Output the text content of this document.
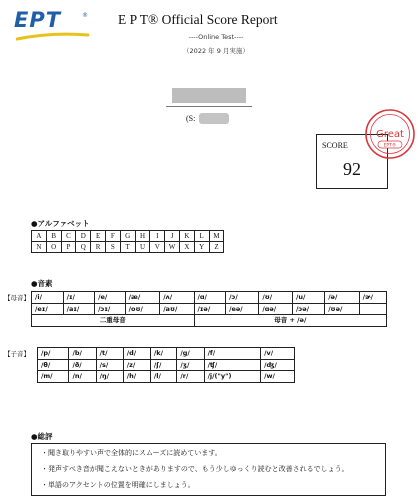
EPT	® E P T® Official Score Report
----Online Test----
（2022 年 9 月実施）
(S:
SCORE
92
Great
EPT®
●アルファベット
A	B	C	D	E	F	G	H	I	J	K	L	M
N	O	P	Q	R	S	T	U	V	W	X	Y	Z
●音素
【母音】 /i/	/ɪ/	/e/	/æ/	/ʌ/	/ɑ/	/ɔ/	/ʊ/	/u/	/ə/	/ɚ/
/eɪ/	/aɪ/	/ɔɪ/	/oʊ/	/aʊ/	/ɪə/	/eə/	/ɑə/	/ɔə/	/ʊə/	
二重母音					母音 + /ə/					
【子音】 /p/	/b/	/t/	/d/	/k/	/g/	/f/	/v/
/θ/	/ð/	/s/	/z/	/ʃ/	/ʒ/	/ʧ/	/ʤ/
/m/	/n/	/ŋ/	/h/	/l/	/r/	/j/("y")	/w/
●総評
・聞き取りやすい声で全体的にスムーズに読めています。
・発声すべき音が聞こえないときがありますので、もう少しゆっくり読むと改善されるでしょう。
・単語のアクセントの位置を明確にしましょう。
